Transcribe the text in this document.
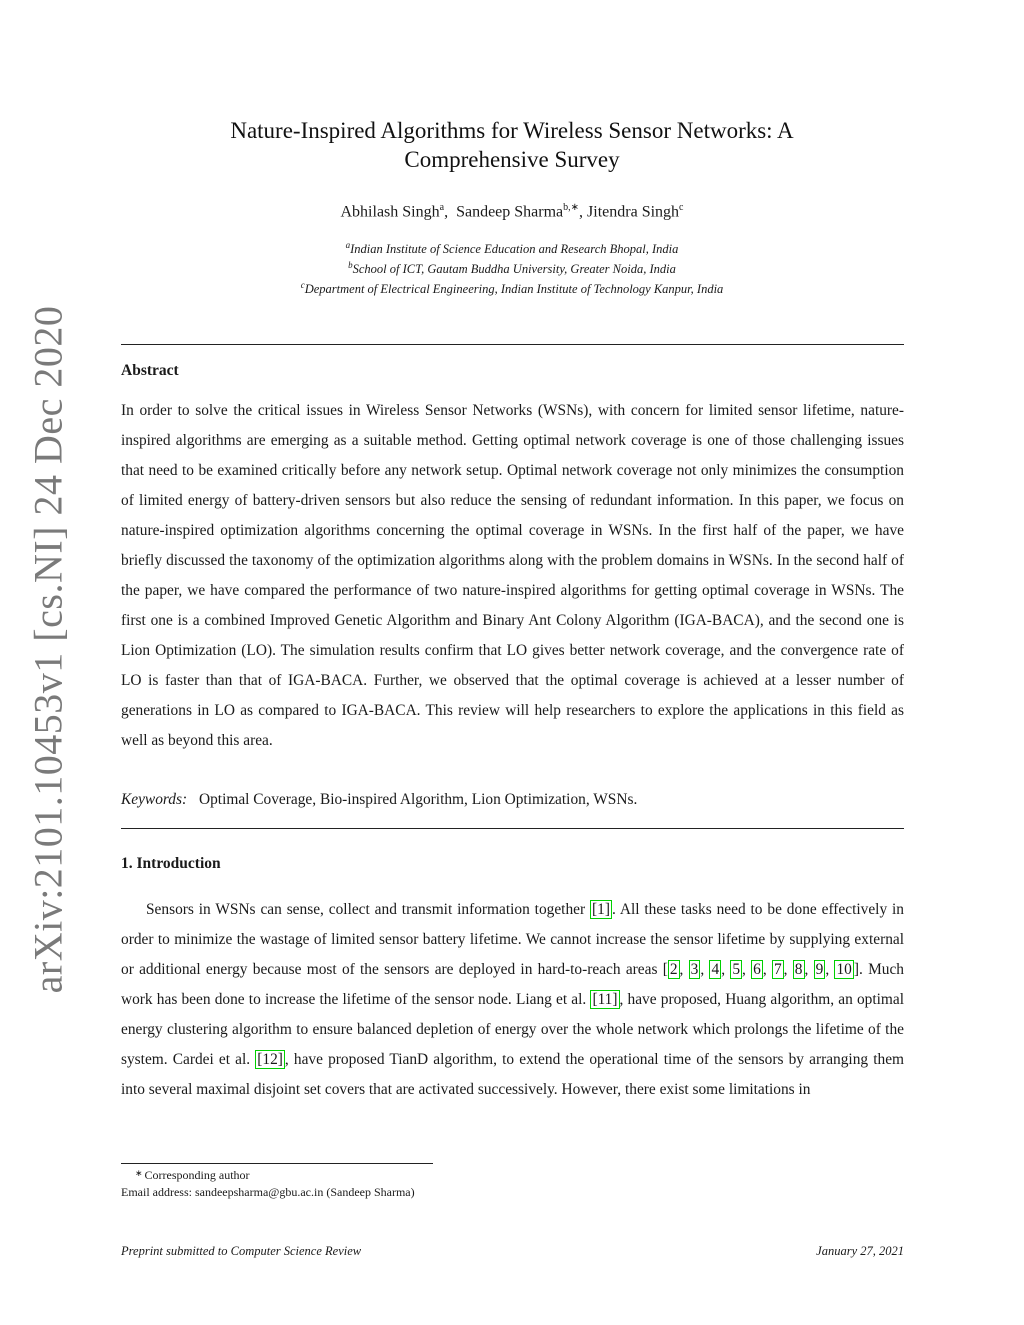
arXiv:2101.10453v1 [cs.NI] 24 Dec 2020
Nature-Inspired Algorithms for Wireless Sensor Networks: A
Comprehensive Survey
Abhilash Singh$^a$,  Sandeep Sharma$^{b,∗}$, Jitendra Singh$^c$
$^a$Indian Institute of Science Education and Research Bhopal, India
$^b$School of ICT, Gautam Buddha University, Greater Noida, India
$^c$Department of Electrical Engineering, Indian Institute of Technology Kanpur, India
Abstract

In order to solve the critical issues in Wireless Sensor Networks (WSNs), with concern for limited sensor lifetime, nature-inspired algorithms are emerging as a suitable method. Getting optimal network coverage is one of those challenging issues that need to be examined critically before any network setup. Optimal network coverage not only minimizes the consumption of limited energy of battery-driven sensors but also reduce the sensing of redundant information. In this paper, we focus on nature-inspired optimization algorithms concerning the optimal coverage in WSNs. In the first half of the paper, we have briefly discussed the taxonomy of the optimization algorithms along with the problem domains in WSNs. In the second half of the paper, we have compared the performance of two nature-inspired algorithms for getting optimal coverage in WSNs. The first one is a combined Improved Genetic Algorithm and Binary Ant Colony Algorithm (IGA-BACA), and the second one is Lion Optimization (LO). The simulation results confirm that LO gives better network coverage, and the convergence rate of LO is faster than that of IGA-BACA. Further, we observed that the optimal coverage is achieved at a lesser number of generations in LO as compared to IGA-BACA. This review will help researchers to explore the applications in this field as well as beyond this area.

Keywords: Optimal Coverage, Bio-inspired Algorithm, Lion Optimization, WSNs.
1. Introduction

Sensors in WSNs can sense, collect and transmit information together [1] . All these tasks need to be done effectively in order to minimize the wastage of limited sensor battery lifetime. We cannot increase the sensor lifetime by supplying external or additional energy because most of the sensors are deployed in hard-to-reach areas [ 2 , 3 , 4 , 5 , 6 , 7 , 8 , 9 , 10 ]. Much work has been done to increase the lifetime of the sensor node. Liang et al. [11] , have proposed, Huang algorithm, an optimal energy clustering algorithm to ensure balanced depletion of energy over the whole network which prolongs the lifetime of the system. Cardei et al. [12] , have proposed TianD algorithm, to extend the operational time of the sensors by arranging them into several maximal disjoint set covers that are activated successively. However, there exist some limitations in

∗ Corresponding author
Email address: sandeepsharma@gbu.ac.in (Sandeep Sharma)
Preprint submitted to Computer Science Review	January 27, 2021
